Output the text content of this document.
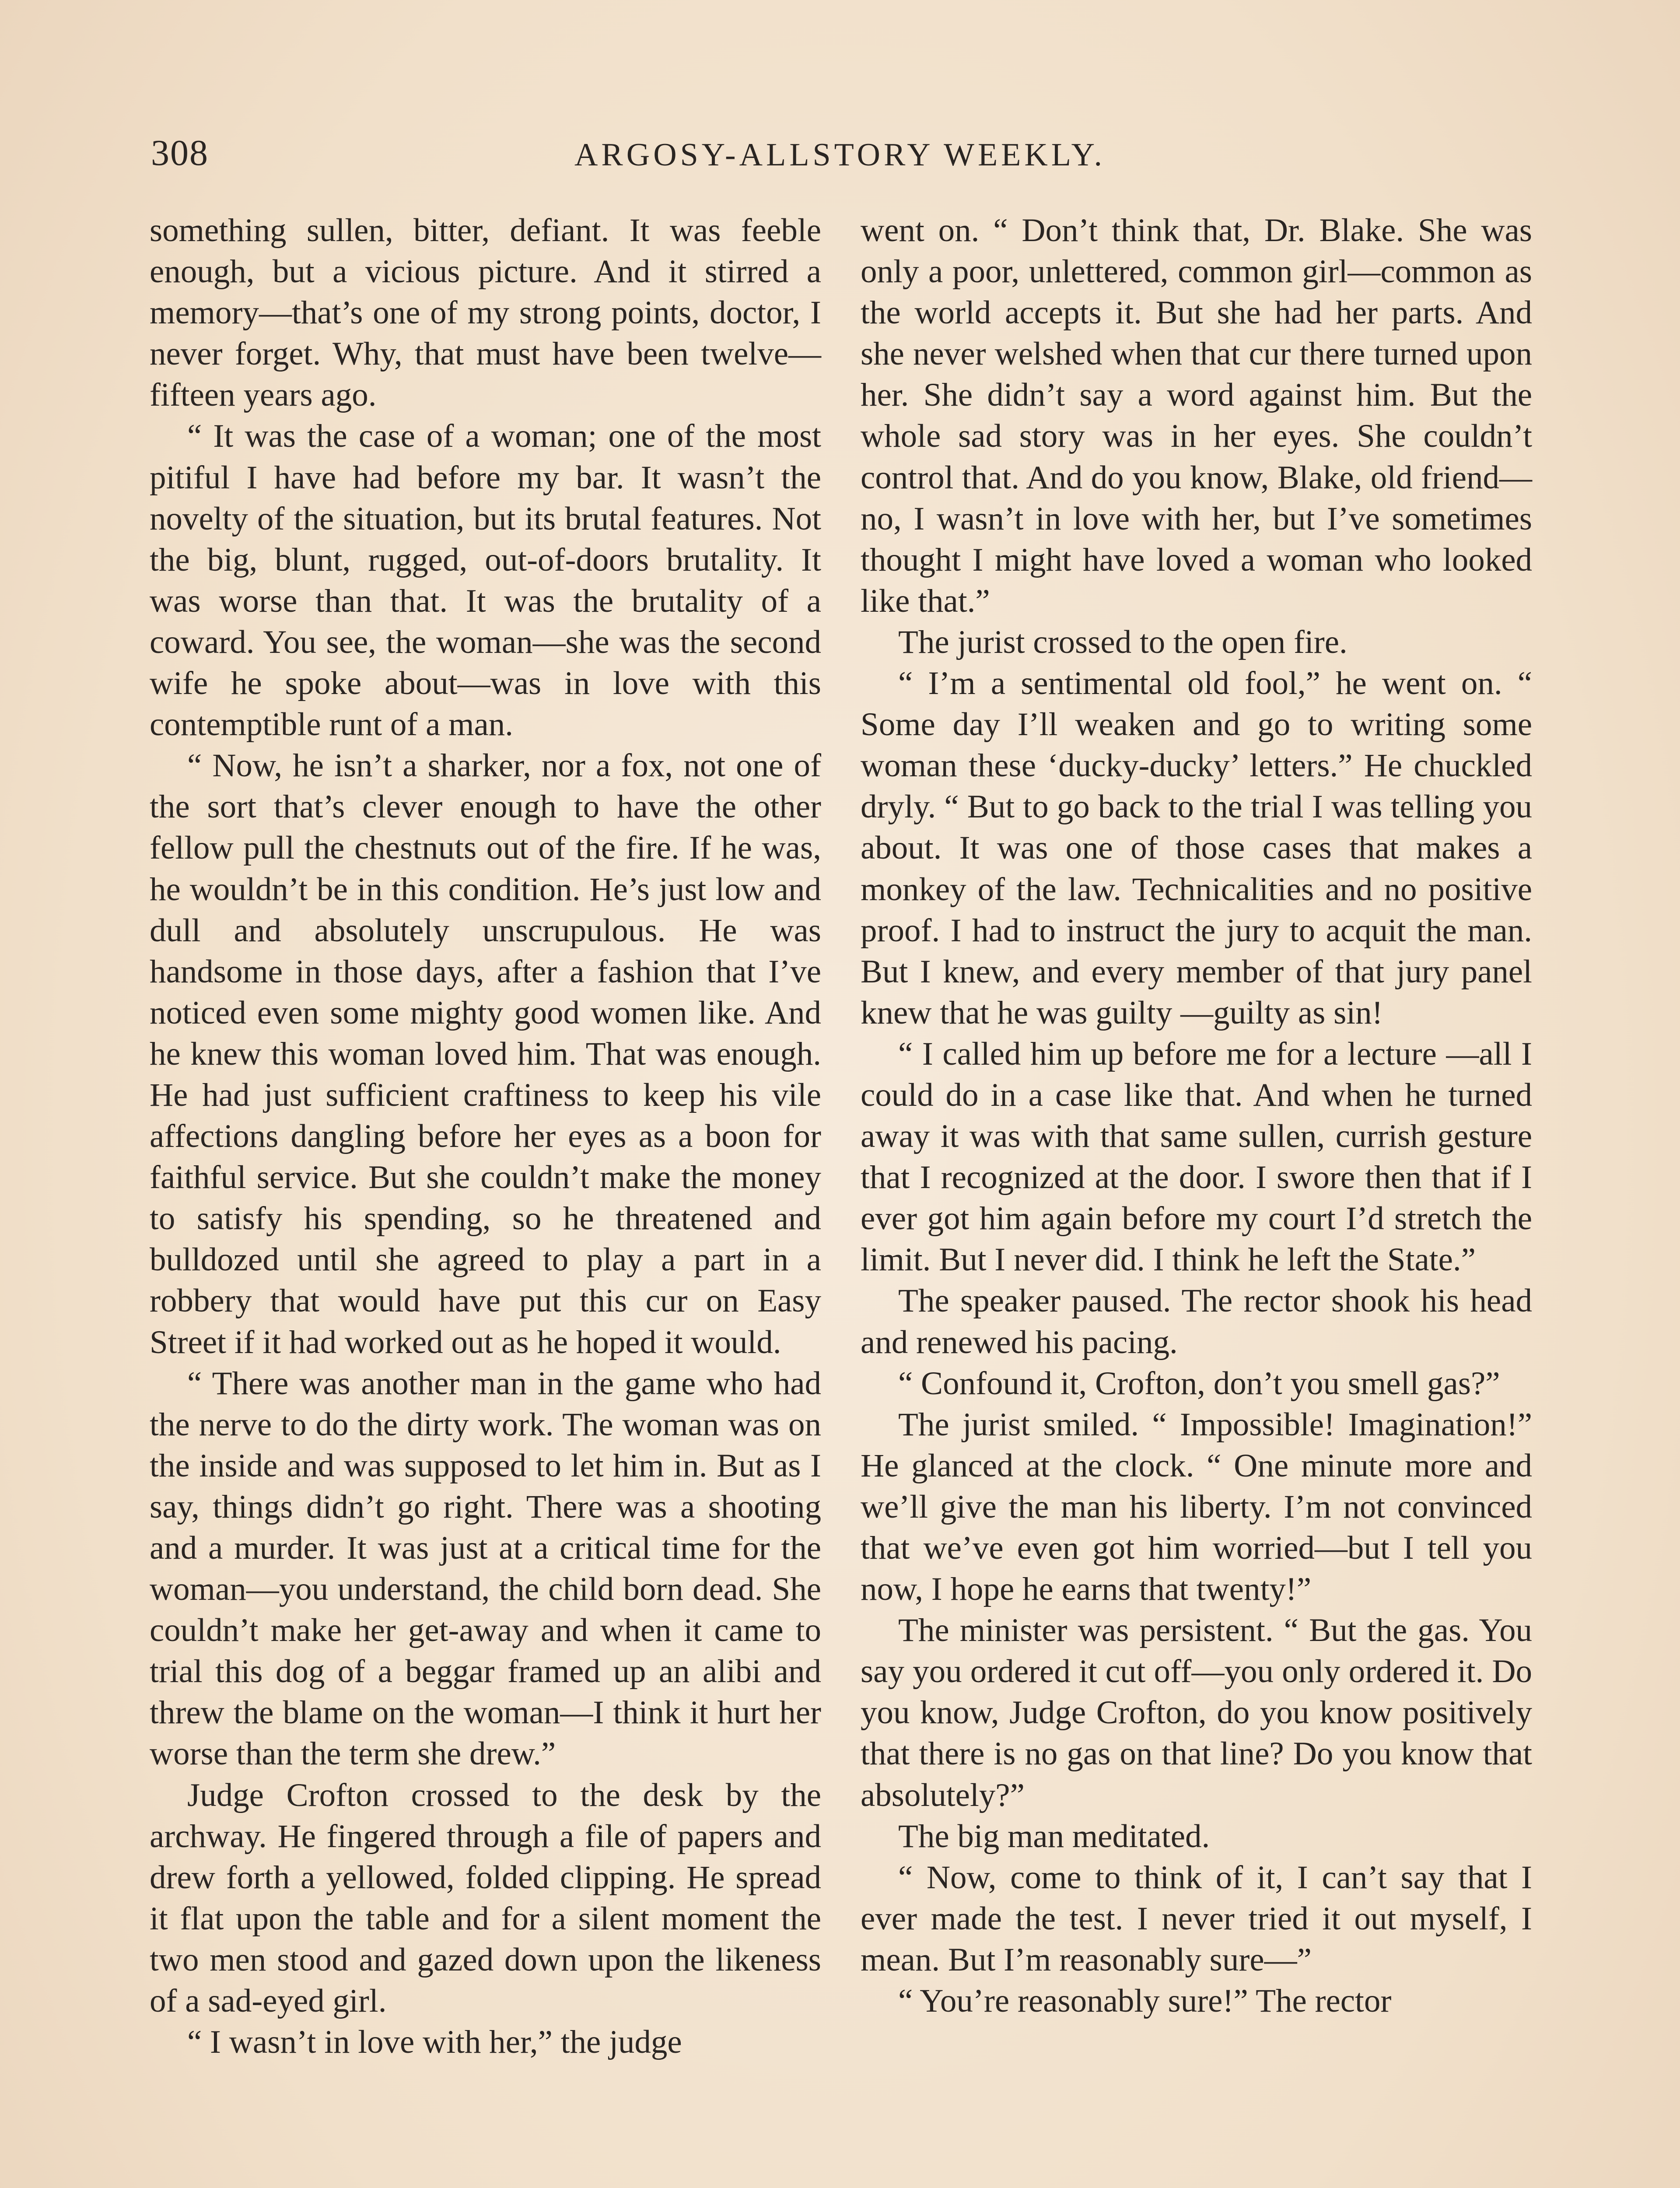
308	ARGOSY-ALLSTORY WEEKLY.

something sullen, bitter, defiant. It was feeble enough, but a vicious picture. And it stirred a memory—that’s one of my strong points, doctor, I never forget. Why, that must have been twelve—fifteen years ago.

“ It was the case of a woman; one of the most pitiful I have had before my bar. It wasn’t the novelty of the situation, but its brutal features. Not the big, blunt, rugged, out-of-doors brutality. It was worse than that. It was the brutality of a coward. You see, the woman—she was the second wife he spoke about—was in love with this contemptible runt of a man.

“ Now, he isn’t a sharker, nor a fox, not one of the sort that’s clever enough to have the other fellow pull the chestnuts out of the fire. If he was, he wouldn’t be in this condition. He’s just low and dull and absolutely unscrupulous. He was handsome in those days, after a fashion that I’ve noticed even some mighty good women like. And he knew this woman loved him. That was enough. He had just sufficient craftiness to keep his vile affections dangling before her eyes as a boon for faithful service. But she couldn’t make the money to satisfy his spending, so he threatened and bulldozed until she agreed to play a part in a robbery that would have put this cur on Easy Street if it had worked out as he hoped it would.

“ There was another man in the game who had the nerve to do the dirty work. The woman was on the inside and was supposed to let him in. But as I say, things didn’t go right. There was a shooting and a murder. It was just at a critical time for the woman—you understand, the child born dead. She couldn’t make her get-away and when it came to trial this dog of a beggar framed up an alibi and threw the blame on the woman—I think it hurt her worse than the term she drew.”

Judge Crofton crossed to the desk by the archway. He fingered through a file of papers and drew forth a yellowed, folded clipping. He spread it flat upon the table and for a silent moment the two men stood and gazed down upon the likeness of a sad-eyed girl.

“ I wasn’t in love with her,” the judge

went on. “ Don’t think that, Dr. Blake. She was only a poor, unlettered, common girl—common as the world accepts it. But she had her parts. And she never welshed when that cur there turned upon her. She didn’t say a word against him. But the whole sad story was in her eyes. She couldn’t control that. And do you know, Blake, old friend—no, I wasn’t in love with her, but I’ve sometimes thought I might have loved a woman who looked like that.”

The jurist crossed to the open fire.

“ I’m a sentimental old fool,” he went on. “ Some day I’ll weaken and go to writing some woman these ‘ducky-ducky’ letters.” He chuckled dryly. “ But to go back to the trial I was telling you about. It was one of those cases that makes a monkey of the law. Technicalities and no positive proof. I had to instruct the jury to acquit the man. But I knew, and every member of that jury panel knew that he was guilty —guilty as sin!

“ I called him up before me for a lecture —all I could do in a case like that. And when he turned away it was with that same sullen, currish gesture that I recognized at the door. I swore then that if I ever got him again before my court I’d stretch the limit. But I never did. I think he left the State.”

The speaker paused. The rector shook his head and renewed his pacing.

“ Confound it, Crofton, don’t you smell gas?”

The jurist smiled. “ Impossible! Imagination!” He glanced at the clock. “ One minute more and we’ll give the man his liberty. I’m not convinced that we’ve even got him worried—but I tell you now, I hope he earns that twenty!”

The minister was persistent. “ But the gas. You say you ordered it cut off—you only ordered it. Do you know, Judge Crofton, do you know positively that there is no gas on that line? Do you know that absolutely?”

The big man meditated.

“ Now, come to think of it, I can’t say that I ever made the test. I never tried it out myself, I mean. But I’m reasonably sure—”

“ You’re reasonably sure!” The rector
